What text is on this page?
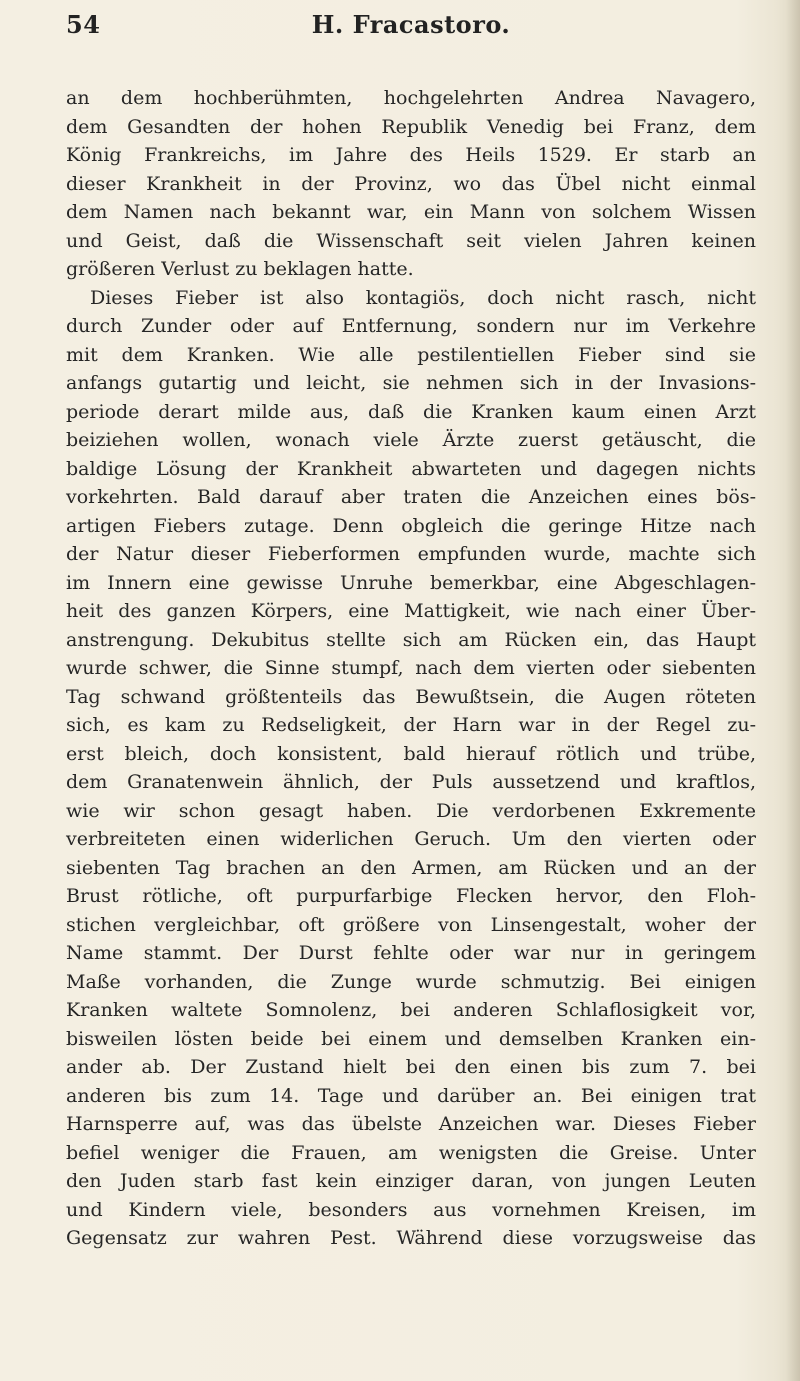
H. Fracastoro.
54
an dem hochberühmten, hochgelehrten Andrea Navagero,
dem Gesandten der hohen Republik Venedig bei Franz, dem
König Frankreichs, im Jahre des Heils 1529. Er starb an
dieser Krankheit in der Provinz, wo das Übel nicht einmal
dem Namen nach bekannt war, ein Mann von solchem Wissen
und Geist, daß die Wissenschaft seit vielen Jahren keinen
größeren Verlust zu beklagen hatte.
Dieses Fieber ist also kontagiös, doch nicht rasch, nicht
durch Zunder oder auf Entfernung, sondern nur im Verkehre
mit dem Kranken. Wie alle pestilentiellen Fieber sind sie
anfangs gutartig und leicht, sie nehmen sich in der Invasions-
periode derart milde aus, daß die Kranken kaum einen Arzt
beiziehen wollen, wonach viele Ärzte zuerst getäuscht, die
baldige Lösung der Krankheit abwarteten und dagegen nichts
vorkehrten. Bald darauf aber traten die Anzeichen eines bös-
artigen Fiebers zutage. Denn obgleich die geringe Hitze nach
der Natur dieser Fieberformen empfunden wurde, machte sich
im Innern eine gewisse Unruhe bemerkbar, eine Abgeschlagen-
heit des ganzen Körpers, eine Mattigkeit, wie nach einer Über-
anstrengung. Dekubitus stellte sich am Rücken ein, das Haupt
wurde schwer, die Sinne stumpf, nach dem vierten oder siebenten
Tag schwand größtenteils das Bewußtsein, die Augen röteten
sich, es kam zu Redseligkeit, der Harn war in der Regel zu-
erst bleich, doch konsistent, bald hierauf rötlich und trübe,
dem Granatenwein ähnlich, der Puls aussetzend und kraftlos,
wie wir schon gesagt haben. Die verdorbenen Exkremente
verbreiteten einen widerlichen Geruch. Um den vierten oder
siebenten Tag brachen an den Armen, am Rücken und an der
Brust rötliche, oft purpurfarbige Flecken hervor, den Floh-
stichen vergleichbar, oft größere von Linsengestalt, woher der
Name stammt. Der Durst fehlte oder war nur in geringem
Maße vorhanden, die Zunge wurde schmutzig. Bei einigen
Kranken waltete Somnolenz, bei anderen Schlaflosigkeit vor,
bisweilen lösten beide bei einem und demselben Kranken ein-
ander ab. Der Zustand hielt bei den einen bis zum 7. bei
anderen bis zum 14. Tage und darüber an. Bei einigen trat
Harnsperre auf, was das übelste Anzeichen war. Dieses Fieber
befiel weniger die Frauen, am wenigsten die Greise. Unter
den Juden starb fast kein einziger daran, von jungen Leuten
und Kindern viele, besonders aus vornehmen Kreisen, im
Gegensatz zur wahren Pest. Während diese vorzugsweise das
